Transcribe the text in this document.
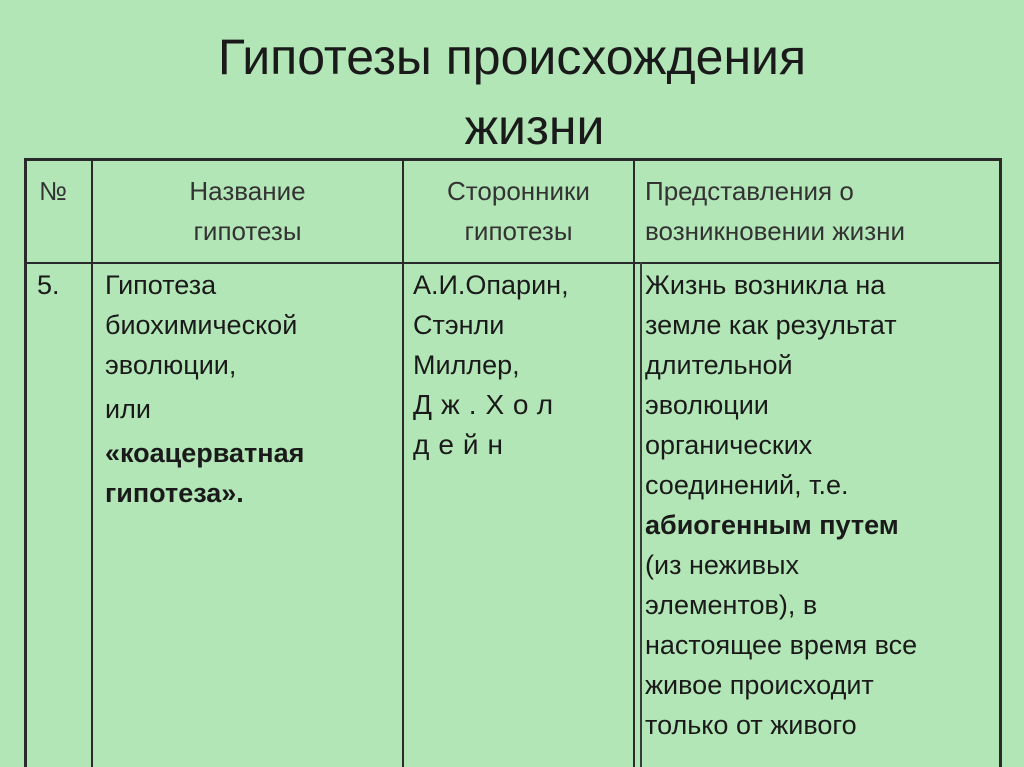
Гипотезы происхождения
жизни
№	Название
гипотезы
Сторонники
гипотезы
Представления о
возникновении жизни
5. Гипотеза
биохимической
эволюции,
или
«коацерватная
гипотеза».
А.И.Опарин,
Стэнли
Миллер,
Дж.Хол
дейн
Жизнь возникла на
земле как результат
длительной
эволюции
органических
соединений, т.е.
абиогенным путем
(из неживых
элементов), в
настоящее время все
живое происходит
только от живого
